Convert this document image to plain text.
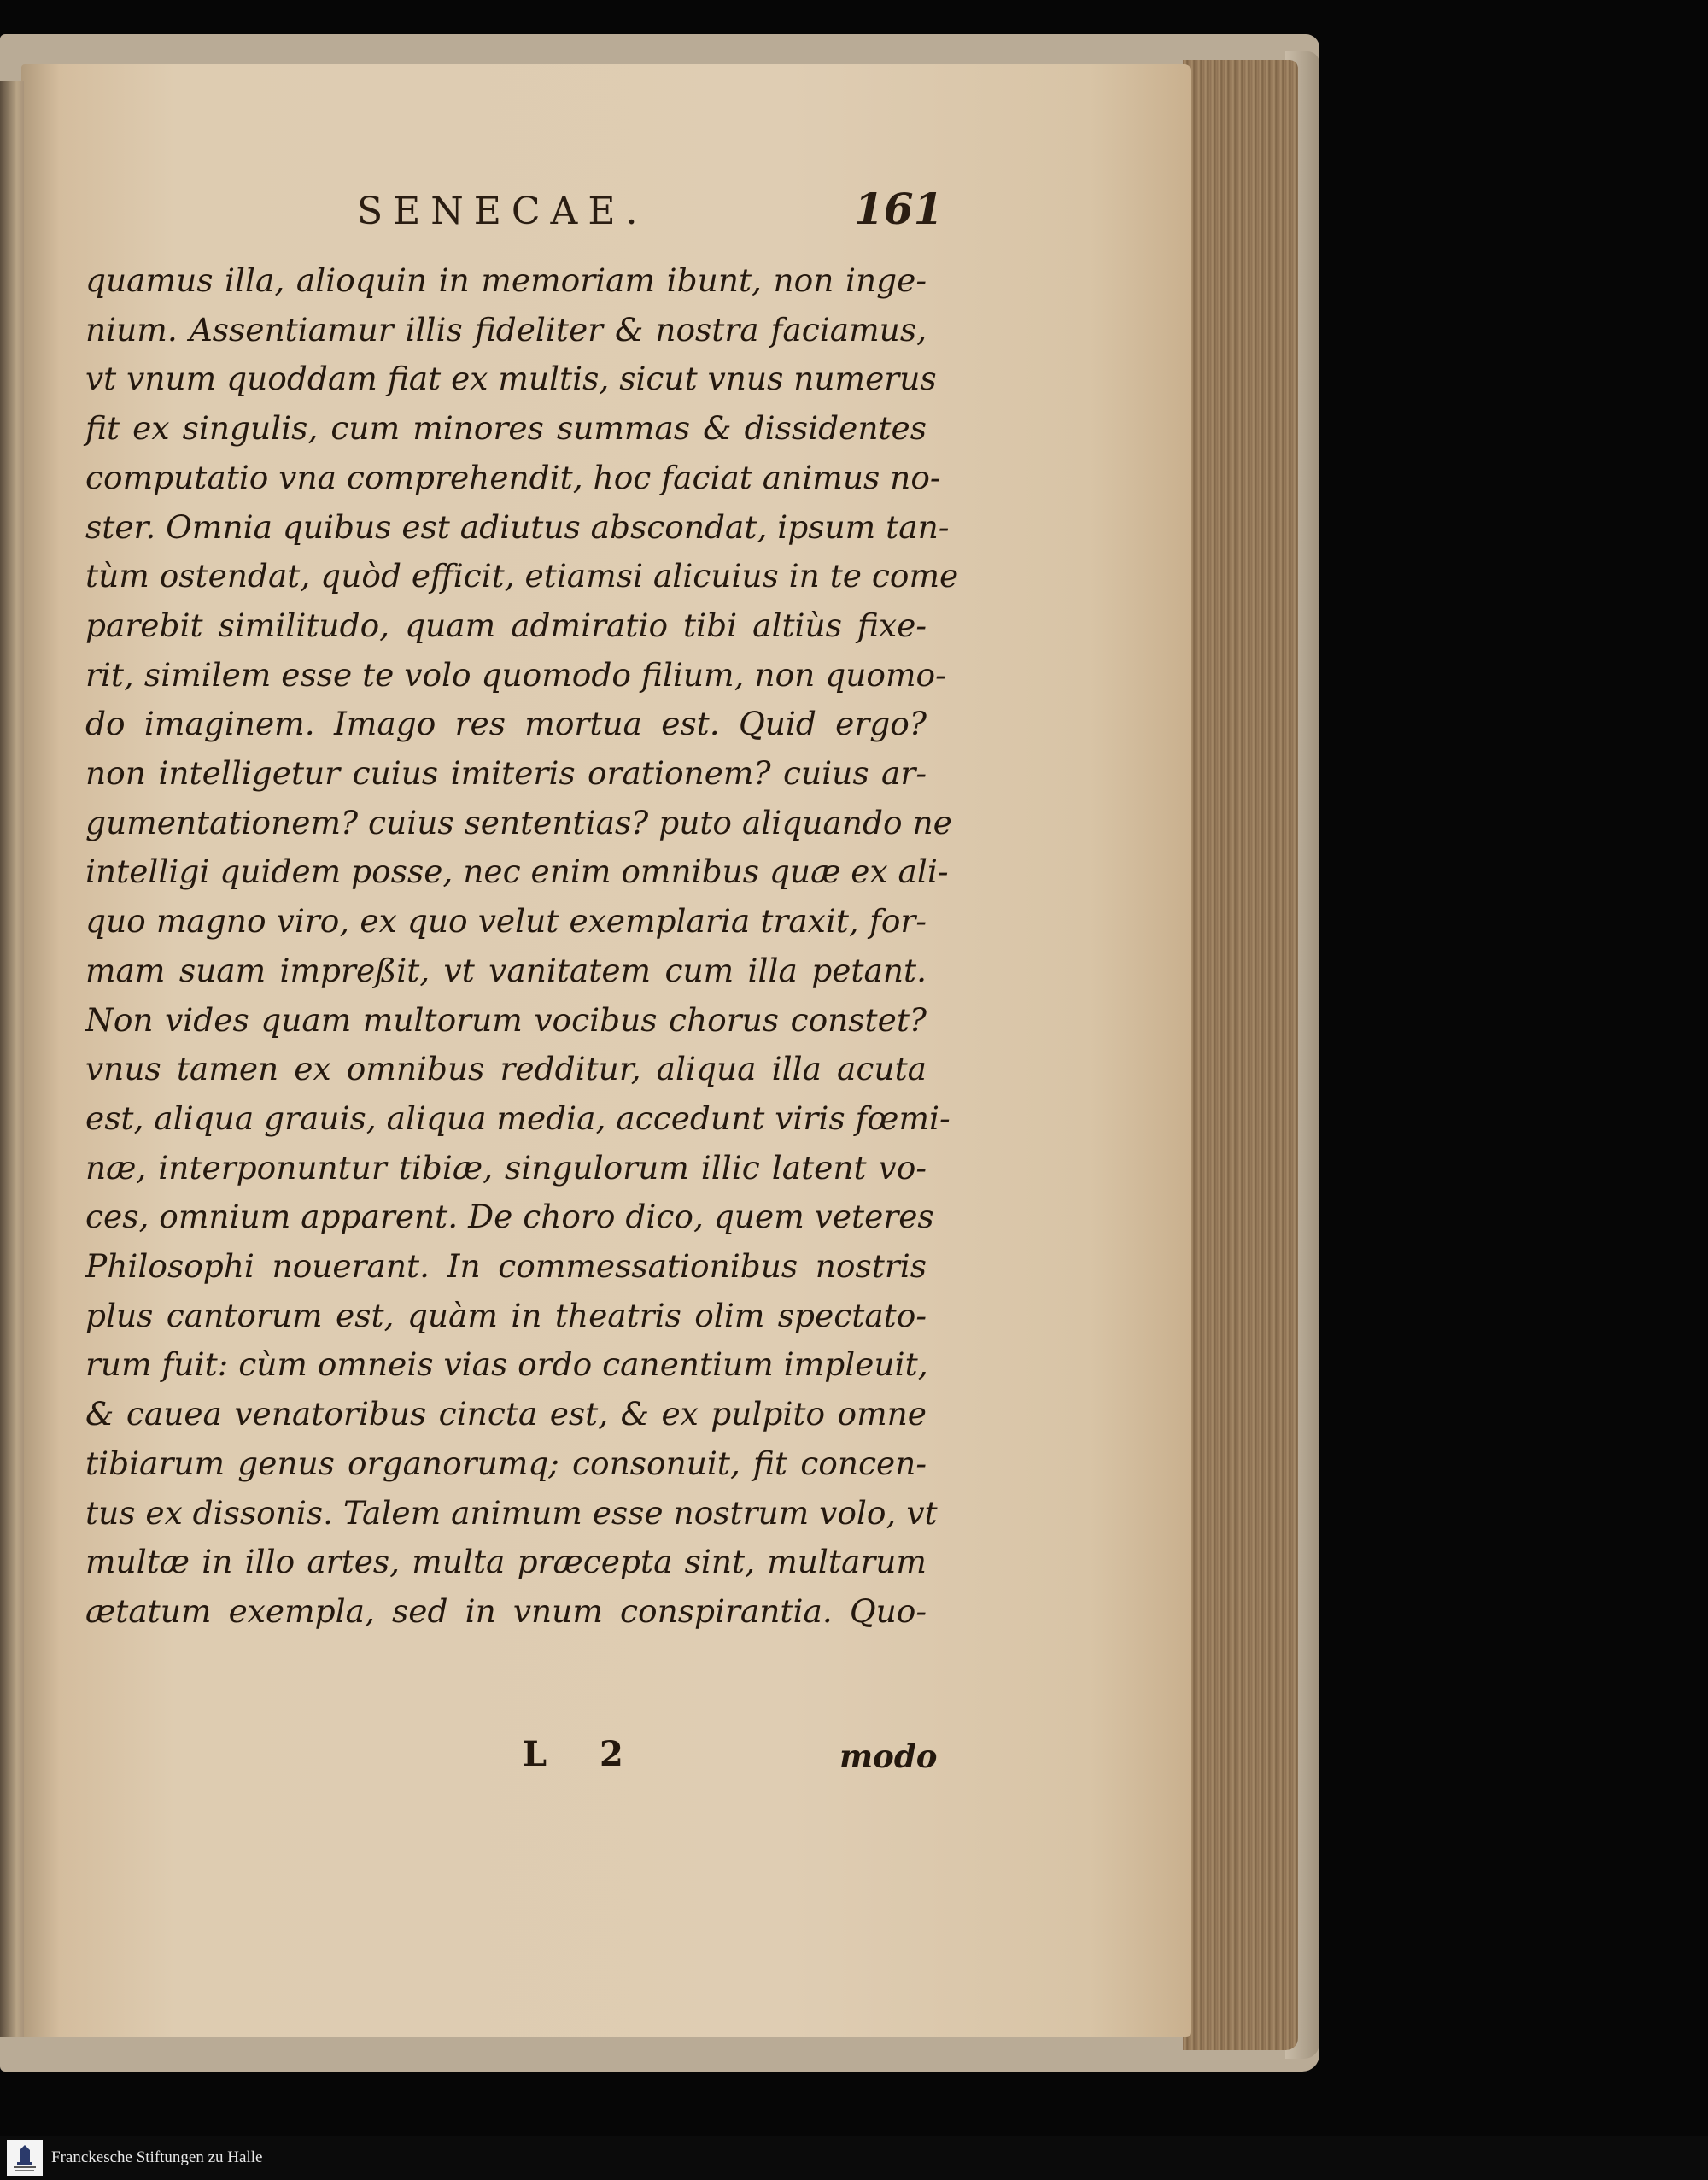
SENECAE.	161
quamus illa, alioquin in memoriam ibunt, non inge-
nium. Assentiamur illis fideliter & nostra faciamus,
vt vnum quoddam fiat ex multis, sicut vnus numerus
fit ex singulis, cum minores summas & dissidentes
computatio vna comprehendit, hoc faciat animus no-
ster. Omnia quibus est adiutus abscondat, ipsum tan-
tùm ostendat, quòd efficit, etiamsi alicuius in te come
parebit similitudo, quam admiratio tibi altiùs fixe-
rit, similem esse te volo quomodo filium, non quomo-
do imaginem. Imago res mortua est. Quid ergo?
non intelligetur cuius imiteris orationem? cuius ar-
gumentationem? cuius sententias? puto aliquando ne
intelligi quidem posse, nec enim omnibus quæ ex ali-
quo magno viro, ex quo velut exemplaria traxit, for-
mam suam impreßit, vt vanitatem cum illa petant.
Non vides quam multorum vocibus chorus constet?
vnus tamen ex omnibus redditur, aliqua illa acuta
est, aliqua grauis, aliqua media, accedunt viris fœmi-
næ, interponuntur tibiæ, singulorum illic latent vo-
ces, omnium apparent. De choro dico, quem veteres
Philosophi nouerant. In commessationibus nostris
plus cantorum est, quàm in theatris olim spectato-
rum fuit: cùm omneis vias ordo canentium impleuit,
& cauea venatoribus cincta est, & ex pulpito omne
tibiarum genus organorumq; consonuit, fit concen-
tus ex dissonis. Talem animum esse nostrum volo, vt
multæ in illo artes, multa præcepta sint, multarum
ætatum exempla, sed in vnum conspirantia. Quo-
L 2	modo
Franckesche Stiftungen zu Halle
